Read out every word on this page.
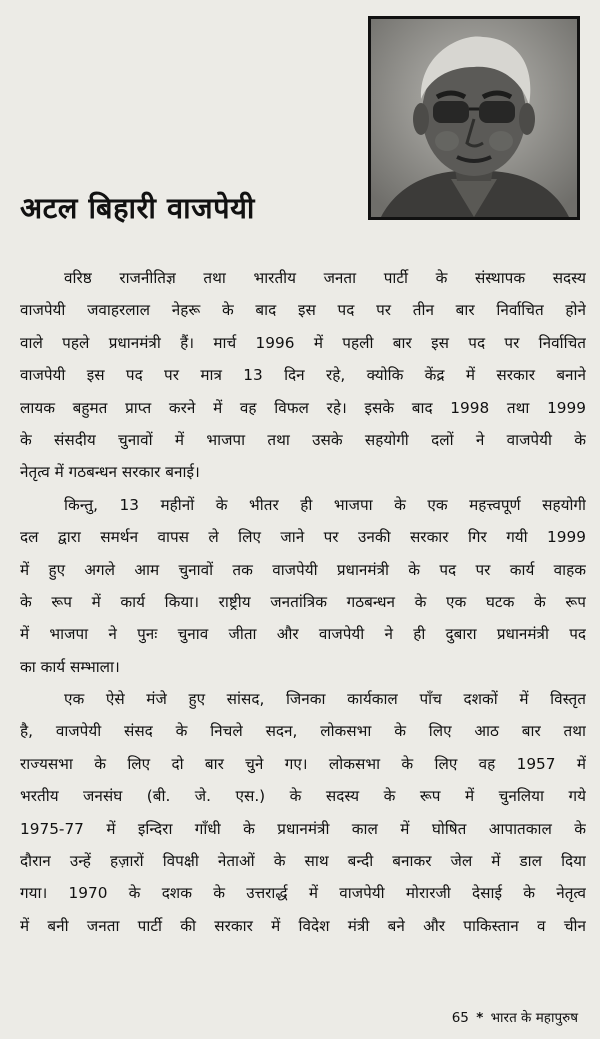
अटल बिहारी वाजपेयी
वरिष्ठ राजनीतिज्ञ तथा भारतीय जनता पार्टी के संस्थापक सदस्य
वाजपेयी जवाहरलाल नेहरू के बाद इस पद पर तीन बार निर्वाचित होने
वाले पहले प्रधानमंत्री हैं। मार्च 1996 में पहली बार इस पद पर निर्वाचित
वाजपेयी इस पद पर मात्र 13 दिन रहे, क्योकि केंद्र में सरकार बनाने
लायक बहुमत प्राप्त करने में वह विफल रहे। इसके बाद 1998 तथा 1999
के संसदीय चुनावों में भाजपा तथा उसके सहयोगी दलों ने वाजपेयी के
नेतृत्व में गठबन्धन सरकार बनाई।
किन्तु, 13 महीनों के भीतर ही भाजपा के एक महत्त्वपूर्ण सहयोगी
दल द्वारा समर्थन वापस ले लिए जाने पर उनकी सरकार गिर गयी 1999
में हुए अगले आम चुनावों तक वाजपेयी प्रधानमंत्री के पद पर कार्य वाहक
के रूप में कार्य किया। राष्ट्रीय जनतांत्रिक गठबन्धन के एक घटक के रूप
में भाजपा ने पुनः चुनाव जीता और वाजपेयी ने ही दुबारा प्रधानमंत्री पद
का कार्य सम्भाला।
एक ऐसे मंजे हुए सांसद, जिनका कार्यकाल पाँच दशकों में विस्तृत
है, वाजपेयी संसद के निचले सदन, लोकसभा के लिए आठ बार तथा
राज्यसभा के लिए दो बार चुने गए। लोकसभा के लिए वह 1957 में
भरतीय जनसंघ (बी. जे. एस.) के सदस्य के रूप में चुनलिया गये
1975-77 में इन्दिरा गाँधी के प्रधानमंत्री काल में घोषित आपातकाल के
दौरान उन्हें हज़ारों विपक्षी नेताओं के साथ बन्दी बनाकर जेल में डाल दिया
गया। 1970 के दशक के उत्तरार्द्ध में वाजपेयी मोरारजी देसाई के नेतृत्व
में बनी जनता पार्टी की सरकार में विदेश मंत्री बने और पाकिस्तान व चीन
65 * भारत के महापुरुष
